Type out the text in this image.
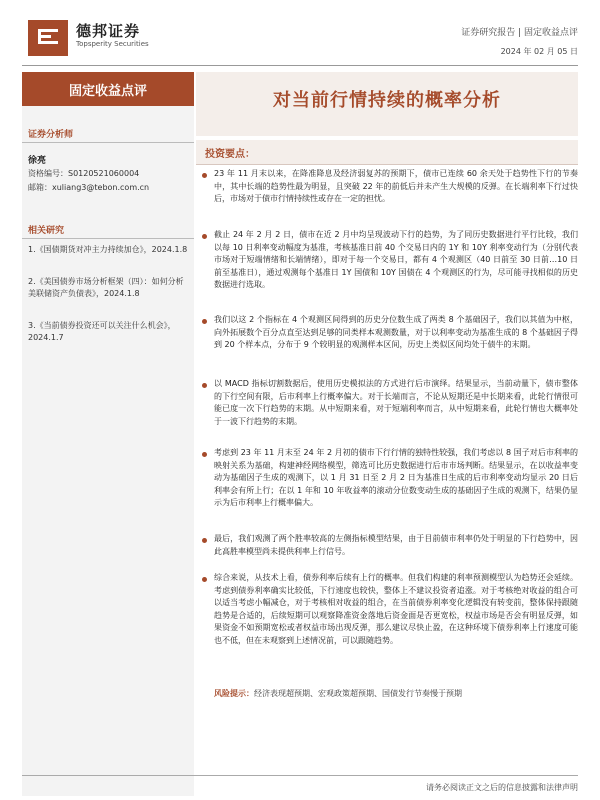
德邦证券
Topsperity Securities
证券研究报告 | 固定收益点评
2024 年 02 月 05 日
固定收益点评	对当前行情持续的概率分析
证券分析师
徐亮
资格编号：S0120521060004
邮箱：xuliang3@tebon.com.cn
相关研究
1.《国债期货对冲主力持续加仓》，2024.1.8
2.《美国债券市场分析框架（四）：如何分析美联储资产负债表》，2024.1.8
3.《当前债券投资还可以关注什么机会》，2024.1.7
投资要点：
23 年 11 月末以来，在降准降息及经济弱复苏的预期下，债市已连续 60 余天处于趋势性下行的节奏中，其中长端的趋势性最为明显，且突破 22 年的前低后并未产生大规模的反弹。在长端利率下行过快后，市场对于债市行情持续性或存在一定的担忧。
截止 24 年 2 月 2 日，债市在近 2 月中均呈现波动下行的趋势，为了同历史数据进行平行比较，我们以每 10 日利率变动幅度为基准，考核基准日前 40 个交易日内的 1Y 和 10Y 利率变动行为（分别代表市场对于短端情绪和长端情绪），即对于每一个交易日，都有 4 个观测区（40 日前至 30 日前…10 日前至基准日），通过观测每个基准日 1Y 国债和 10Y 国债在 4 个观测区的行为，尽可能寻找相似的历史数据进行选取。
我们以这 2 个指标在 4 个观测区间得到的历史分位数生成了两类 8 个基础因子，我们以其值为中枢，向外拓展数个百分点直至达到足够的同类样本观测数量，对于以利率变动为基准生成的 8 个基础因子得到 20 个样本点，分布于 9 个较明显的观测样本区间，历史上类似区间均处于债牛的末期。
以 MACD 指标切割数据后，使用历史模拟法的方式进行后市演绎。结果显示，当前动量下，债市整体的下行空间有限，后市利率上行概率偏大。对于长端而言，不论从短期还是中长期来看，此轮行情很可能已度一次下行趋势的末期。从中短期来看，对于短端利率而言，从中短期来看，此轮行情也大概率处于一波下行趋势的末期。
考虑到 23 年 11 月末至 24 年 2 月初的债市下行行情的独特性较强，我们考虑以 8 国子对后市利率的映射关系为基础，构建神经网络模型，筛选可比历史数据进行后市市场判断。结果显示，在以收益率变动为基础因子生成的观测下，以 1 月 31 日至 2 月 2 日为基准日生成的后市利率变动均显示 20 日后利率会有所上行；在以 1 年和 10 年收益率的滚动分位数变动生成的基础因子生成的观测下，结果仍显示为后市利率上行概率偏大。
最后，我们观测了两个胜率较高的左侧指标模型结果，由于目前债市利率仍处于明显的下行趋势中，因此高胜率模型尚未提供利率上行信号。
综合来说，从技术上看，债券利率后续有上行的概率。但我们构建的利率预测模型认为趋势还会延续。考虑到债券利率确实比较低，下行速度也较快，整体上不建议投资者追涨。对于考核绝对收益的组合可以适当考虑小幅减仓，对于考核相对收益的组合，在当前债券利率变化逻辑没有转变前，整体保持跟随趋势是合适的，后续短期可以观察降准资金落地后资金面是否更宽松，权益市场是否会有明显反弹，如果资金不如预期宽松或者权益市场出现反弹，那么建议尽快止盈，在这种环境下债券利率上行速度可能也不低，但在未观察到上述情况前，可以跟随趋势。
风险提示：经济表现超预期、宏观政策超预期、国债发行节奏慢于预期
请务必阅读正文之后的信息披露和法律声明
